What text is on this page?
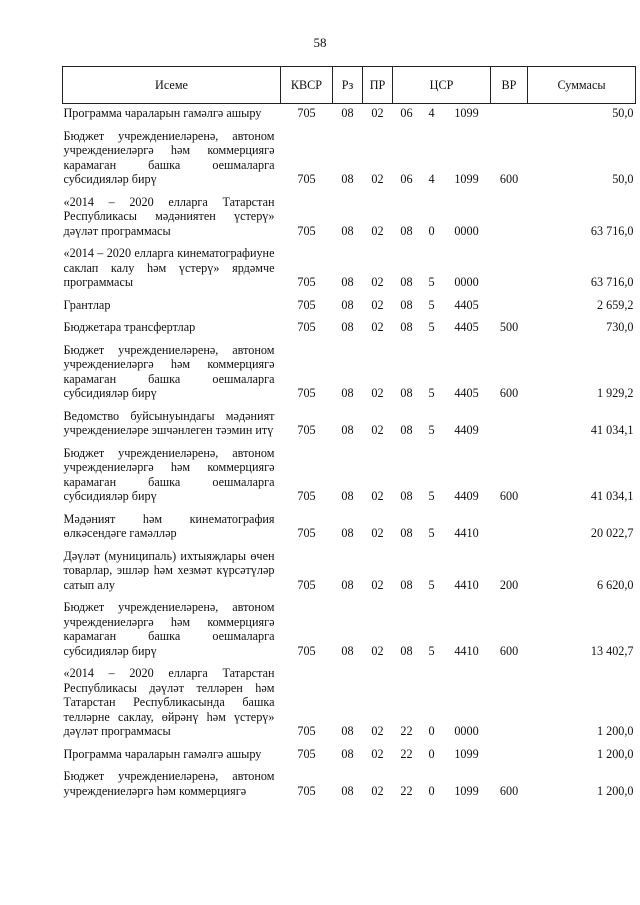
58
Исеме	КВСР	Рз	ПР	ЦСР			ВР	Суммасы
Программа чараларын гамәлгә ашыру	705	08	02	06	4	1099		50,0
Бюджет учреждениеләренә, автоном учреждениеләргә һәм коммерциягә карамаган башка оешмаларга субсидияләр бирү	705	08	02	06	4	1099	600	50,0
«2014 – 2020 елларга Татарстан Республикасы мәдәниятен үстерү» дәүләт программасы	705	08	02	08	0	0000		63 716,0
«2014 – 2020 елларга кинематографиуне саклап калу һәм үстерү» ярдәмче программасы	705	08	02	08	5	0000		63 716,0
Грантлар	705	08	02	08	5	4405		2 659,2
Бюджетара трансфертлар	705	08	02	08	5	4405	500	730,0
Бюджет учреждениеләренә, автоном учреждениеләргә һәм коммерциягә карамаган башка оешмаларга субсидияләр бирү	705	08	02	08	5	4405	600	1 929,2
Ведомство буйсынуындагы мәдәният учреждениеләре эшчәнлеген тәэмин итү	705	08	02	08	5	4409		41 034,1
Бюджет учреждениеләренә, автоном учреждениеләргә һәм коммерциягә карамаган башка оешмаларга субсидияләр бирү	705	08	02	08	5	4409	600	41 034,1
Мәдәният һәм кинематография өлкәсендәге гамәлләр	705	08	02	08	5	4410		20 022,7
Дәүләт (муниципаль) ихтыяҗлары өчен товарлар, эшләр һәм хезмәт күрсәтүләр сатып алу	705	08	02	08	5	4410	200	6 620,0
Бюджет учреждениеләренә, автоном учреждениеләргә һәм коммерциягә карамаган башка оешмаларга субсидияләр бирү	705	08	02	08	5	4410	600	13 402,7
«2014 – 2020 елларга Татарстан Республикасы дәүләт телләрен һәм Татарстан Республикасында башка телләрне саклау, өйрәнү һәм үстерү» дәүләт программасы	705	08	02	22	0	0000		1 200,0
Программа чараларын гамәлгә ашыру	705	08	02	22	0	1099		1 200,0
Бюджет учреждениеләренә, автоном учреждениеләргә һәм коммерциягә	705	08	02	22	0	1099	600	1 200,0
